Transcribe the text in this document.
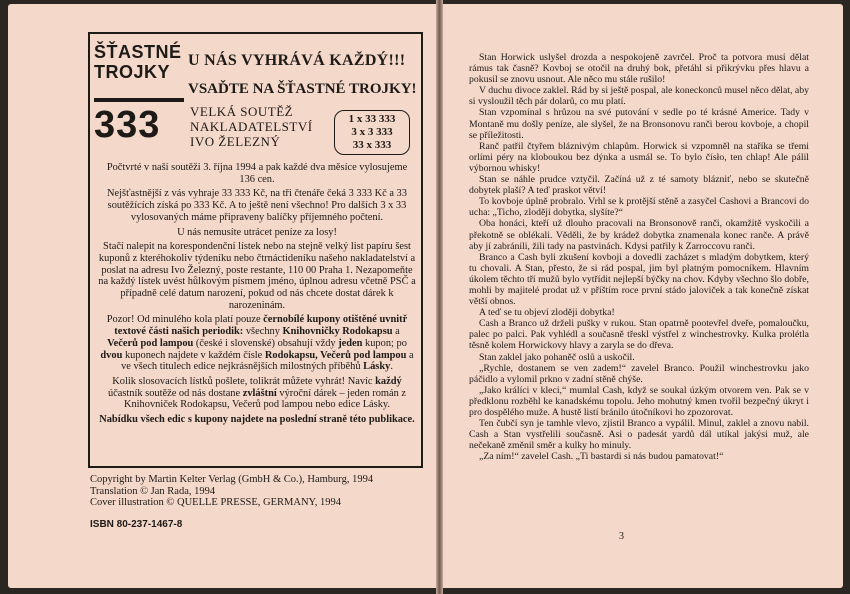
ŠŤASTNÉ
TROJKY
333
U NÁS VYHRÁVÁ KAŽDÝ!!!
VSAĎTE NA ŠŤASTNÉ TROJKY!
VELKÁ SOUTĚŽ
NAKLADATELSTVÍ
IVO ŽELEZNÝ
1 x 33 333
3 x 3 333
33 x 333

Počtvrté v naší soutěži 3. října 1994 a pak každé dva měsíce vylosujeme 136 cen.

Nejšťastnější z vás vyhraje 33 333 Kč, na tři čtenáře čeká 3 333 Kč a 33 soutěžících získá po 333 Kč. A to ještě není všechno! Pro dalších 3 x 33 vylosovaných máme připraveny balíčky příjemného počtení.

U nás nemusíte utrácet peníze za losy!

Stačí nalepit na korespondenční lístek nebo na stejně velký list papíru šest kuponů z kteréhokoliv týdeníku nebo čtrnáctideníku našeho nakladatelství a poslat na adresu Ivo Železný, poste restante, 110 00 Praha 1. Nezapomeňte na každý lístek uvést hůlkovým písmem jméno, úplnou adresu včetně PSČ a případně celé datum narození, pokud od nás chcete dostat dárek k narozeninám.

Pozor! Od minulého kola platí pouze černobílé kupony otištěné uvnitř textové části našich periodik: všechny Knihovničky Rodokapsu a Večerů pod lampou (české i slovenské) obsahují vždy jeden kupon; po dvou kuponech najdete v každém čísle Rodokapsu, Večerů pod lampou a ve všech titulech edice nejkrásnějších milostných příběhů Lásky.

Kolik slosovacích lístků pošlete, tolikrát můžete vyhrát! Navíc každý účastník soutěže od nás dostane zvláštní výroční dárek – jeden román z Knihovniček Rodokapsu, Večerů pod lampou nebo edice Lásky.

Nabídku všech edic s kupony najdete na poslední straně této publikace.

Copyright by Martin Kelter Verlag (GmbH & Co.), Hamburg, 1994
Translation © Jan Rada, 1994
Cover illustration © QUELLE PRESSE, GERMANY, 1994
ISBN 80-237-1467-8

Stan Horwick uslyšel drozda a nespokojeně zavrčel. Proč ta potvora musí dělat rámus tak časně? Kovboj se otočil na druhý bok, přetáhl si přikrývku přes hlavu a pokusil se znovu usnout. Ale něco mu stále rušilo!

V duchu divoce zaklel. Rád by si ještě pospal, ale koneckonců musel něco dělat, aby si vysloužil těch pár dolarů, co mu platí.

Stan vzpomínal s hrůzou na své putování v sedle po té krásné Americe. Tady v Montaně mu došly peníze, ale slyšel, že na Bronsonovu ranči berou kovboje, a chopil se příležitosti.

Ranč patřil čtyřem bláznivým chlapům. Horwick si vzpomněl na staříka se třemi orlími péry na kloboukou bez dýnka a usmál se. To bylo čísło, ten chlap! Ale pálil výbornou whisky!

Stan se náhle prudce vztyčil. Začíná už z té samoty blázniť, nebo se skutečně dobytek plaší? A teď praskot větví!

To kovboje úplně probralo. Vrhl se k protější stěně a zasyčel Cashovi a Brancovi do ucha: „Ticho, zloději dobytka, slyšíte?“

Oba honáci, kteří už dlouho pracovali na Bronsonově ranči, okamžitě vyskočili a překotně se oblékali. Věděli, že by krádež dobytka znamenala konec ranče. A právě aby jí zabránili, žili tady na pastvinách. Kdysi patřily k Zarroccovu ranči.

Branco a Cash byli zkušení kovboji a dovedli zacházet s mladým dobytkem, který tu chovali. A Stan, přesto, že si rád pospal, jim byl platným pomocníkem. Hlavním úkolem těchto tří mužů bylo vytřídit nejlepší býčky na chov. Kdyby všechno šlo dobře, mohli by majitelé prodat už v příštím roce první stádo jaloviček a tak konečně získat větší obnos.

A teď se tu objeví zloději dobytka!

Cash a Branco už drželi pušky v rukou. Stan opatrně pootevřel dveře, pomaloučku, palec po palci. Pak vyhlédl a současně třeskl výstřel z winchestrovky. Kulka prolétla těsně kolem Horwickovy hlavy a zaryla se do dřeva.

Stan zaklel jako pohaněč oslů a uskočil.

„Rychle, dostanem se ven zadem!“ zavelel Branco. Použil winchestrovku jako páčidlo a vylomil prkno v zadní stěně chýše.

„Jako králíci v kleci,“ mumlal Cash, když se soukal úzkým otvorem ven. Pak se v předklonu rozběhl ke kanadskému topolu. Jeho mohutný kmen tvořil bezpečný úkryt i pro dospělého muže. A hustě listí bránilo útočníkovi ho zpozorovat.

Ten čubčí syn je tamhle vlevo, zjistil Branco a vypálil. Minul, zaklel a znovu nabil. Cash a Stan vystřelili současně. Asi o padesát yardů dál utíkal jakýsi muž, ale nečekaně změnil směr a kulky ho minuly.

„Za ním!“ zavelel Cash. „Ti bastardi si nás budou pamatovat!“

3
